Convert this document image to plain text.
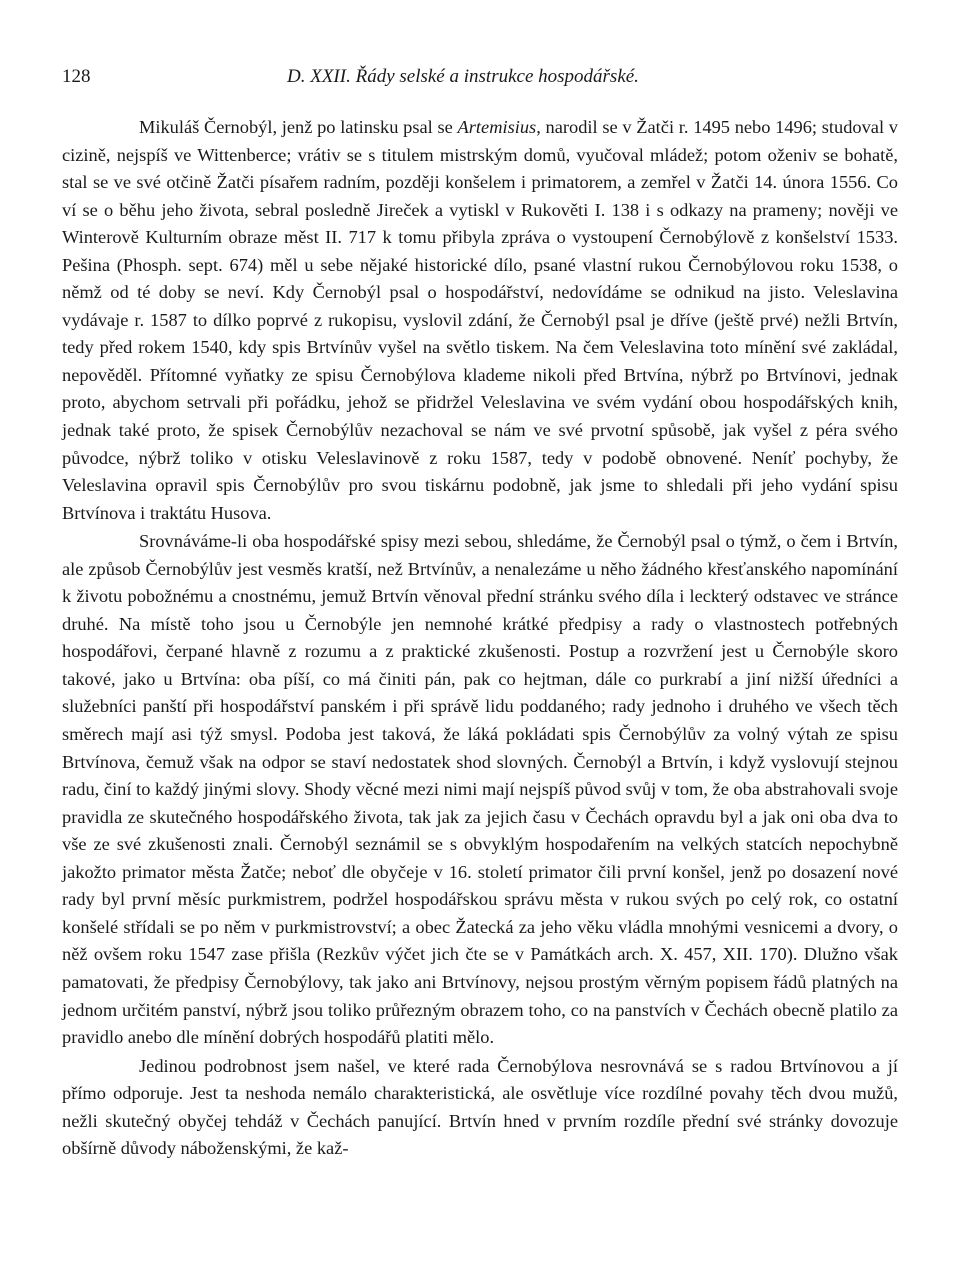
128	D. XXII. Řády selské a instrukce hospodářské.

Mikuláš Černobýl, jenž po latinsku psal se Artemisius, narodil se v Žatči r. 1495 nebo 1496; studoval v cizině, nejspíš ve Wittenberce; vrátiv se s titulem mistrským domů, vyučoval mládež; potom oženiv se bohatě, stal se ve své otčině Žatči písařem radním, později konšelem i primatorem, a zemřel v Žatči 14. února 1556. Co ví se o běhu jeho života, sebral posledně Jireček a vytiskl v Rukověti I. 138 i s odkazy na prameny; nověji ve Winterově Kulturním obraze měst II. 717 k tomu přibyla zpráva o vystoupení Černobýlově z konšelství 1533. Pešina (Phosph. sept. 674) měl u sebe nějaké historické dílo, psané vlastní rukou Černobýlovou roku 1538, o němž od té doby se neví. Kdy Černobýl psal o hospodářství, nedovídáme se odnikud na jisto. Veleslavina vydávaje r. 1587 to dílko poprvé z rukopisu, vyslovil zdání, že Černobýl psal je dříve (ještě prvé) nežli Brtvín, tedy před rokem 1540, kdy spis Brtvínův vyšel na světlo tiskem. Na čem Veleslavina toto mínění své zakládal, nepověděl. Přítomné vyňatky ze spisu Černobýlova klademe nikoli před Brtvína, nýbrž po Brtvínovi, jednak proto, abychom setrvali při pořádku, jehož se přidržel Veleslavina ve svém vydání obou hospodářských knih, jednak také proto, že spisek Černobýlův nezachoval se nám ve své prvotní spůsobě, jak vyšel z péra svého původce, nýbrž toliko v otisku Veleslavinově z roku 1587, tedy v podobě obnovené. Neníť pochyby, že Veleslavina opravil spis Černobýlův pro svou tiskárnu podobně, jak jsme to shledali při jeho vydání spisu Brtvínova i traktátu Husova.

Srovnáváme-li oba hospodářské spisy mezi sebou, shledáme, že Černobýl psal o týmž, o čem i Brtvín, ale způsob Černobýlův jest vesměs kratší, než Brtvínův, a nenalezáme u něho žádného křesťanského napomínání k životu pobožnému a cnostnému, jemuž Brtvín věnoval přední stránku svého díla i leckterý odstavec ve stránce druhé. Na místě toho jsou u Černobýle jen nemnohé krátké předpisy a rady o vlastnostech potřebných hospodářovi, čerpané hlavně z rozumu a z praktické zkušenosti. Postup a rozvržení jest u Černobýle skoro takové, jako u Brtvína: oba píší, co má činiti pán, pak co hejtman, dále co purkrabí a jiní nižší úředníci a služebníci panští při hospodářství panském i při správě lidu poddaného; rady jednoho i druhého ve všech těch směrech mají asi týž smysl. Podoba jest taková, že láká pokládati spis Černobýlův za volný výtah ze spisu Brtvínova, čemuž však na odpor se staví nedostatek shod slovných. Černobýl a Brtvín, i když vyslovují stejnou radu, činí to každý jinými slovy. Shody věcné mezi nimi mají nejspíš původ svůj v tom, že oba abstrahovali svoje pravidla ze skutečného hospodářského života, tak jak za jejich času v Čechách opravdu byl a jak oni oba dva to vše ze své zkušenosti znali. Černobýl seznámil se s obvyklým hospodařením na velkých statcích nepochybně jakožto primator města Žatče; neboť dle obyčeje v 16. století primator čili první konšel, jenž po dosazení nové rady byl první měsíc purkmistrem, podržel hospodářskou správu města v rukou svých po celý rok, co ostatní konšelé střídali se po něm v purkmistrovství; a obec Žatecká za jeho věku vládla mnohými vesnicemi a dvory, o něž ovšem roku 1547 zase přišla (Rezkův výčet jich čte se v Památkách arch. X. 457, XII. 170). Dlužno však pamatovati, že předpisy Černobýlovy, tak jako ani Brtvínovy, nejsou prostým věrným popisem řádů platných na jednom určitém panství, nýbrž jsou toliko průřezným obrazem toho, co na panstvích v Čechách obecně platilo za pravidlo anebo dle mínění dobrých hospodářů platiti mělo.

Jedinou podrobnost jsem našel, ve které rada Černobýlova nesrovnává se s radou Brtvínovou a jí přímo odporuje. Jest ta neshoda nemálo charakteristická, ale osvětluje více rozdílné povahy těch dvou mužů, nežli skutečný obyčej tehdáž v Čechách panující. Brtvín hned v prvním rozdíle přední své stránky dovozuje obšírně důvody náboženskými, že kaž-
